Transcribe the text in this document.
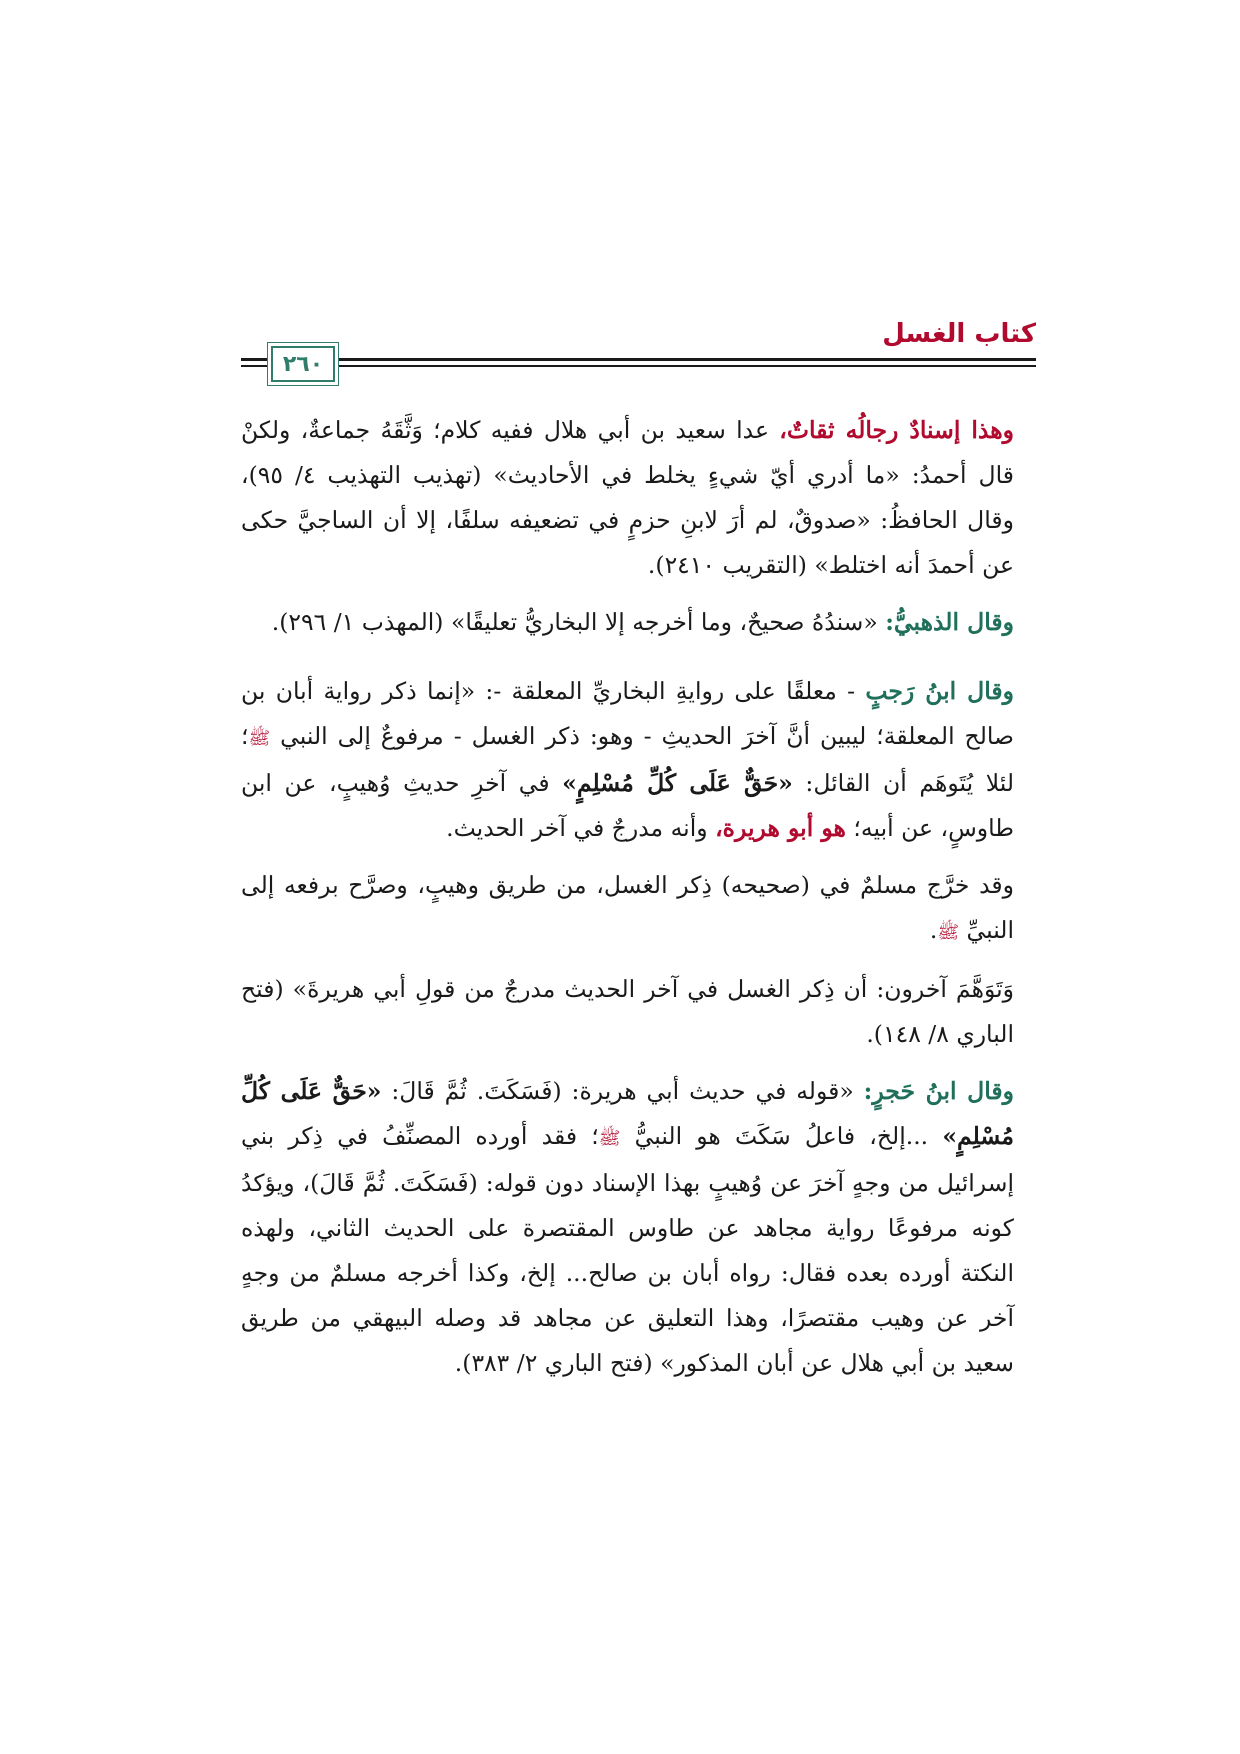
كتاب الغسل
٢٦٠

وهذا إسنادٌ رجالُه ثقاتٌ، عدا سعيد بن أبي هلال ففيه كلام؛ وَثَّقَهُ جماعةٌ، ولكنْ قال أحمدُ: «ما أدري أيّ شيءٍ يخلط في الأحاديث» (تهذيب التهذيب ٤/ ٩٥)، وقال الحافظُ: «صدوقٌ، لم أرَ لابنِ حزمٍ في تضعيفه سلفًا، إلا أن الساجيَّ حكى عن أحمدَ أنه اختلط» (التقريب ٢٤١٠).

وقال الذهبيُّ: «سندُهُ صحيحٌ، وما أخرجه إلا البخاريُّ تعليقًا» (المهذب ١/ ٢٩٦).

وقال ابنُ رَجبٍ - معلقًا على روايةِ البخاريِّ المعلقة -: «إنما ذكر رواية أبان بن صالح المعلقة؛ ليبين أنَّ آخرَ الحديثِ - وهو: ذكر الغسل - مرفوعٌ إلى النبي ﷺ؛ لئلا يُتَوهَم أن القائل: «حَقٌّ عَلَى كُلِّ مُسْلِمٍ» في آخرِ حديثِ وُهيبٍ، عن ابن طاوسٍ، عن أبيه؛ هو أبو هريرة، وأنه مدرجٌ في آخر الحديث.

وقد خرَّج مسلمٌ في (صحيحه) ذِكر الغسل، من طريق وهيبٍ، وصرَّح برفعه إلى النبيِّ ﷺ.

وَتَوَهَّمَ آخرون: أن ذِكر الغسل في آخر الحديث مدرجٌ من قولِ أبي هريرةَ» (فتح الباري ٨/ ١٤٨).

وقال ابنُ حَجرٍ: «قوله في حديث أبي هريرة: (فَسَكَتَ. ثُمَّ قَالَ: «حَقٌّ عَلَى كُلِّ مُسْلِمٍ» ...إلخ، فاعلُ سَكَتَ هو النبيُّ ﷺ؛ فقد أورده المصنِّفُ في ذِكر بني إسرائيل من وجهٍ آخرَ عن وُهيبٍ بهذا الإسناد دون قوله: (فَسَكَتَ. ثُمَّ قَالَ)، ويؤكدُ كونه مرفوعًا رواية مجاهد عن طاوس المقتصرة على الحديث الثاني، ولهذه النكتة أورده بعده فقال: رواه أبان بن صالح... إلخ، وكذا أخرجه مسلمٌ من وجهٍ آخر عن وهيب مقتصرًا، وهذا التعليق عن مجاهد قد وصله البيهقي من طريق سعيد بن أبي هلال عن أبان المذكور» (فتح الباري ٢/ ٣٨٣).
